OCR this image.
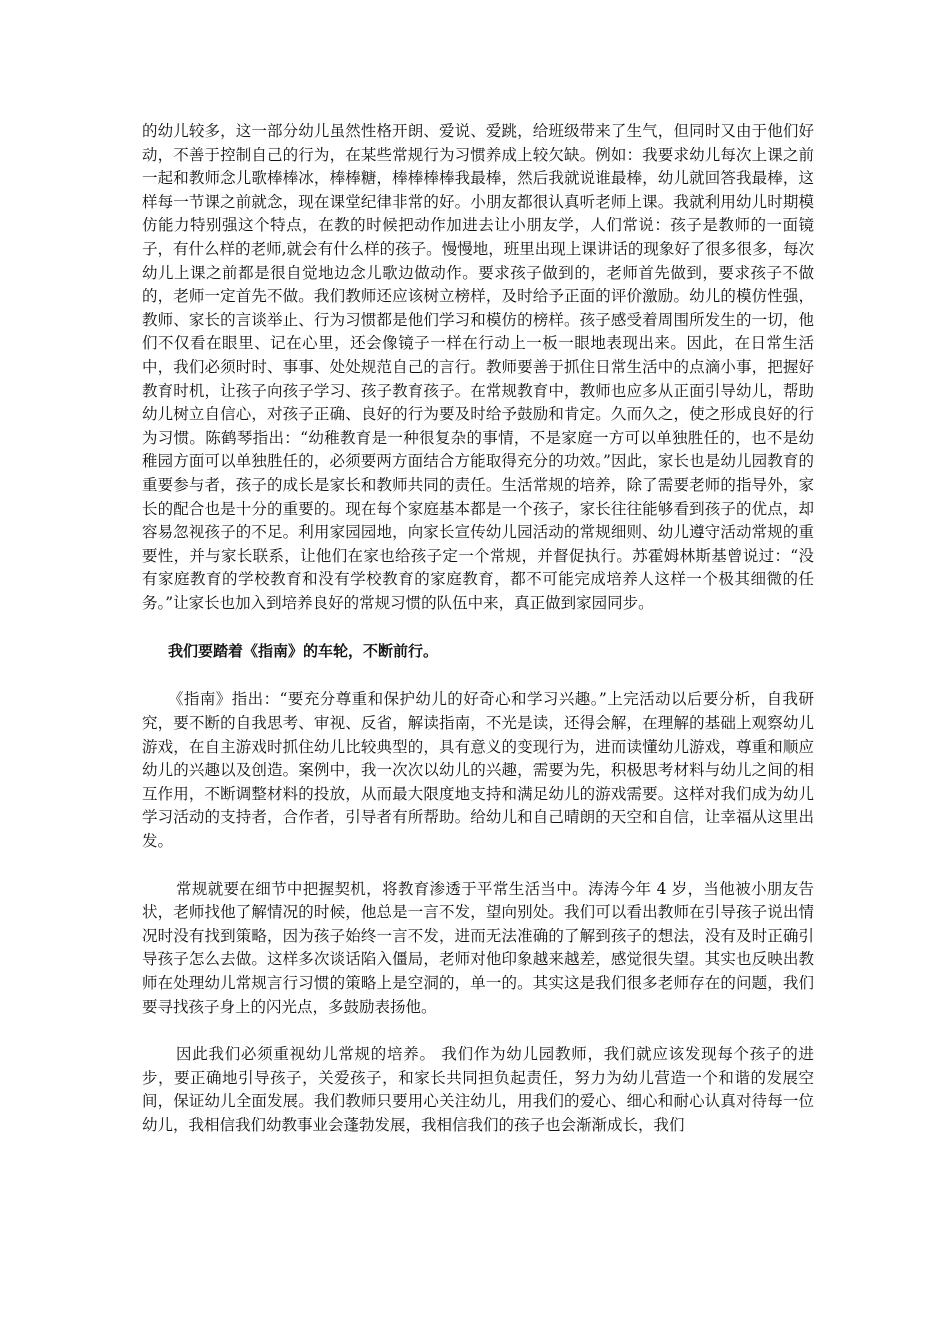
的幼儿较多，这一部分幼儿虽然性格开朗、爱说、爱跳，给班级带来了生气，但同时又由于他们好动，不善于控制自己的行为，在某些常规行为习惯养成上较欠缺。例如：我要求幼儿每次上课之前一起和教师念儿歌棒棒冰，棒棒糖，棒棒棒棒我最棒，然后我就说谁最棒，幼儿就回答我最棒，这样每一节课之前就念，现在课堂纪律非常的好。小朋友都很认真听老师上课。我就利用幼儿时期模仿能力特别强这个特点，在教的时候把动作加进去让小朋友学，人们常说：孩子是教师的一面镜子，有什么样的老师,就会有什么样的孩子。慢慢地，班里出现上课讲话的现象好了很多很多，每次幼儿上课之前都是很自觉地边念儿歌边做动作。要求孩子做到的，老师首先做到，要求孩子不做的，老师一定首先不做。我们教师还应该树立榜样，及时给予正面的评价激励。幼儿的模仿性强，教师、家长的言谈举止、行为习惯都是他们学习和模仿的榜样。孩子感受着周围所发生的一切，他们不仅看在眼里、记在心里，还会像镜子一样在行动上一板一眼地表现出来。因此，在日常生活中，我们必须时时、事事、处处规范自己的言行。教师要善于抓住日常生活中的点滴小事，把握好教育时机，让孩子向孩子学习、孩子教育孩子。在常规教育中，教师也应多从正面引导幼儿，帮助幼儿树立自信心，对孩子正确、良好的行为要及时给予鼓励和肯定。久而久之，使之形成良好的行为习惯。陈鹤琴指出：“幼稚教育是一种很复杂的事情，不是家庭一方可以单独胜任的，也不是幼稚园方面可以单独胜任的，必须要两方面结合方能取得充分的功效。”因此，家长也是幼儿园教育的重要参与者，孩子的成长是家长和教师共同的责任。生活常规的培养，除了需要老师的指导外，家长的配合也是十分的重要的。现在每个家庭基本都是一个孩子，家长往往能够看到孩子的优点，却容易忽视孩子的不足。利用家园园地，向家长宣传幼儿园活动的常规细则、幼儿遵守活动常规的重要性，并与家长联系，让他们在家也给孩子定一个常规，并督促执行。苏霍姆林斯基曾说过：“没有家庭教育的学校教育和没有学校教育的家庭教育，都不可能完成培养人这样一个极其细微的任务。”让家长也加入到培养良好的常规习惯的队伍中来，真正做到家园同步。

我们要踏着《指南》的车轮，不断前行。

《指南》指出：“要充分尊重和保护幼儿的好奇心和学习兴趣。”上完活动以后要分析，自我研究，要不断的自我思考、审视、反省，解读指南，不光是读，还得会解，在理解的基础上观察幼儿游戏，在自主游戏时抓住幼儿比较典型的，具有意义的变现行为，进而读懂幼儿游戏，尊重和顺应幼儿的兴趣以及创造。案例中，我一次次以幼儿的兴趣，需要为先，积极思考材料与幼儿之间的相互作用，不断调整材料的投放，从而最大限度地支持和满足幼儿的游戏需要。这样对我们成为幼儿学习活动的支持者，合作者，引导者有所帮助。给幼儿和自己晴朗的天空和自信，让幸福从这里出发。

常规就要在细节中把握契机，将教育渗透于平常生活当中。涛涛今年 4 岁，当他被小朋友告状，老师找他了解情况的时候，他总是一言不发，望向别处。我们可以看出教师在引导孩子说出情况时没有找到策略，因为孩子始终一言不发，进而无法准确的了解到孩子的想法，没有及时正确引导孩子怎么去做。这样多次谈话陷入僵局，老师对他印象越来越差，感觉很失望。其实也反映出教师在处理幼儿常规言行习惯的策略上是空洞的，单一的。其实这是我们很多老师存在的问题，我们要寻找孩子身上的闪光点，多鼓励表扬他。

因此我们必须重视幼儿常规的培养。 我们作为幼儿园教师，我们就应该发现每个孩子的进步，要正确地引导孩子，关爱孩子，和家长共同担负起责任，努力为幼儿营造一个和谐的发展空间，保证幼儿全面发展。我们教师只要用心关注幼儿，用我们的爱心、细心和耐心认真对待每一位幼儿，我相信我们幼教事业会蓬勃发展，我相信我们的孩子也会渐渐成长，我们
